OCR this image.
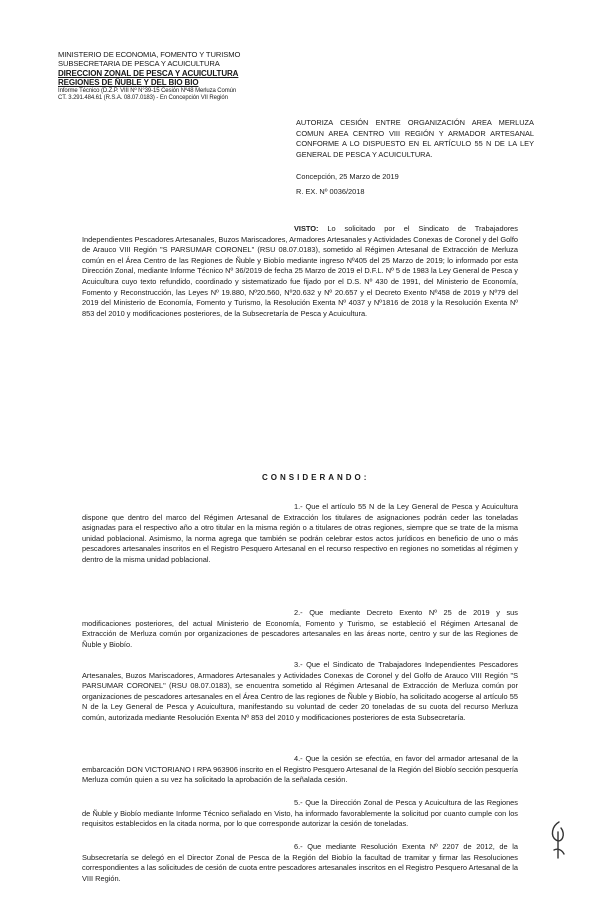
MINISTERIO DE ECONOMIA, FOMENTO Y TURISMO
SUBSECRETARIA DE PESCA Y ACUICULTURA
DIRECCION ZONAL DE PESCA Y ACUICULTURA
REGIONES DE ÑUBLE Y DEL BIO BIO
Informe Técnico (D.Z.P. VIII Nº N°39-15 Cesión Nº48 Merluza Común
CT. 3.291.484.61 (R.S.A. 08.07.0183) - En Concepción VII Región
AUTORIZA CESIÓN ENTRE ORGANIZACIÓN AREA MERLUZA COMUN AREA CENTRO VIII REGIÓN Y ARMADOR ARTESANAL CONFORME A LO DISPUESTO EN EL ARTÍCULO 55 N DE LA LEY GENERAL DE PESCA Y ACUICULTURA.
Concepción, 25 Marzo de 2019
R. EX. Nº 0036/2018
VISTO: Lo solicitado por el Sindicato de Trabajadores Independientes Pescadores Artesanales, Buzos Mariscadores, Armadores Artesanales y Actividades Conexas de Coronel y del Golfo de Arauco VIII Región "S PARSUMAR CORONEL" (RSU 08.07.0183), sometido al Régimen Artesanal de Extracción de Merluza común en el Área Centro de las Regiones de Ñuble y Biobío mediante ingreso Nº405 del 25 Marzo de 2019; lo informado por esta Dirección Zonal, mediante Informe Técnico Nº 36/2019 de fecha 25 Marzo de 2019 el D.F.L. Nº 5 de 1983 la Ley General de Pesca y Acuicultura cuyo texto refundido, coordinado y sistematizado fue fijado por el D.S. Nº 430 de 1991, del Ministerio de Economía, Fomento y Reconstrucción, las Leyes Nº 19.880, Nº20.560, Nº20.632 y Nº 20.657 y el Decreto Exento Nº458 de 2019 y Nº79 del 2019 del Ministerio de Economía, Fomento y Turismo, la Resolución Exenta Nº 4037 y Nº1816 de 2018 y la Resolución Exenta Nº 853 del 2010 y modificaciones posteriores, de la Subsecretaría de Pesca y Acuicultura.
CONSIDERANDO:
1.- Que el artículo 55 N de la Ley General de Pesca y Acuicultura dispone que dentro del marco del Régimen Artesanal de Extracción los titulares de asignaciones podrán ceder las toneladas asignadas para el respectivo año a otro titular en la misma región o a titulares de otras regiones, siempre que se trate de la misma unidad poblacional. Asimismo, la norma agrega que también se podrán celebrar estos actos jurídicos en beneficio de uno o más pescadores artesanales inscritos en el Registro Pesquero Artesanal en el recurso respectivo en regiones no sometidas al régimen y dentro de la misma unidad poblacional.
2.- Que mediante Decreto Exento Nº 25 de 2019 y sus modificaciones posteriores, del actual Ministerio de Economía, Fomento y Turismo, se estableció el Régimen Artesanal de Extracción de Merluza común por organizaciones de pescadores artesanales en las áreas norte, centro y sur de las Regiones de Ñuble y Biobío.
3.- Que el Sindicato de Trabajadores Independientes Pescadores Artesanales, Buzos Mariscadores, Armadores Artesanales y Actividades Conexas de Coronel y del Golfo de Arauco VIII Región "S PARSUMAR CORONEL" (RSU 08.07.0183), se encuentra sometido al Régimen Artesanal de Extracción de Merluza común por organizaciones de pescadores artesanales en el Área Centro de las regiones de Ñuble y Biobío, ha solicitado acogerse al artículo 55 N de la Ley General de Pesca y Acuicultura, manifestando su voluntad de ceder 20 toneladas de su cuota del recurso Merluza común, autorizada mediante Resolución Exenta Nº 853 del 2010 y modificaciones posteriores de esta Subsecretaría.
4.- Que la cesión se efectúa, en favor del armador artesanal de la embarcación DON VICTORIANO I RPA 963906 inscrito en el Registro Pesquero Artesanal de la Región del Biobío sección pesquería Merluza común quien a su vez ha solicitado la aprobación de la señalada cesión.
5.- Que la Dirección Zonal de Pesca y Acuicultura de las Regiones de Ñuble y Biobío mediante Informe Técnico señalado en Visto, ha informado favorablemente la solicitud por cuanto cumple con los requisitos establecidos en la citada norma, por lo que corresponde autorizar la cesión de toneladas.
6.- Que mediante Resolución Exenta Nº 2207 de 2012, de la Subsecretaría se delegó en el Director Zonal de Pesca de la Región del Biobío la facultad de tramitar y firmar las Resoluciones correspondientes a las solicitudes de cesión de cuota entre pescadores artesanales inscritos en el Registro Pesquero Artesanal de la VIII Región.
